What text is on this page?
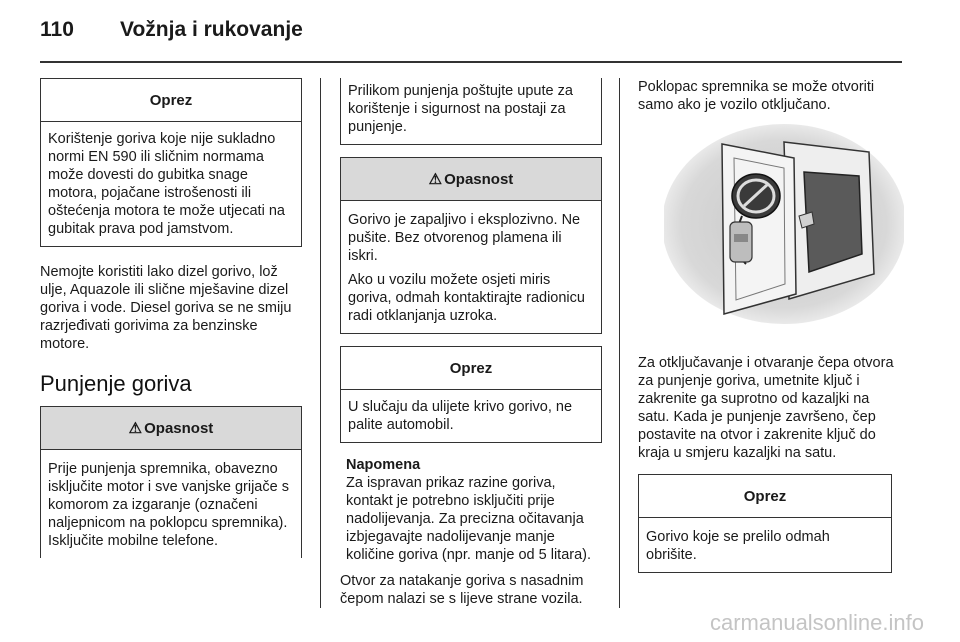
110 Vožnja i rukovanje
Oprez

Korištenje goriva koje nije sukladno normi EN 590 ili sličnim normama može dovesti do gubitka snage motora, pojačane istrošenosti ili oštećenja motora te može utjecati na gubitak prava pod jamstvom.

Nemojte koristiti lako dizel gorivo, lož ulje, Aquazole ili slične mješavine dizel goriva i vode. Diesel goriva se ne smiju razrjeđivati gorivima za benzinske motore.

Punjenje goriva
⚠ Opasnost

Prije punjenja spremnika, obavezno isključite motor i sve vanjske grijače s komorom za izgaranje (označeni naljepnicom na poklopcu spremnika). Isključite mobilne telefone.

Prilikom punjenja poštujte upute za korištenje i sigurnost na postaji za punjenje.

⚠ Opasnost

Gorivo je zapaljivo i eksplozivno. Ne pušite. Bez otvorenog plamena ili iskri.

Ako u vozilu možete osjeti miris goriva, odmah kontaktirajte radionicu radi otklanjanja uzroka.

Oprez

U slučaju da ulijete krivo gorivo, ne palite automobil.

Napomena

Za ispravan prikaz razine goriva, kontakt je potrebno isključiti prije nadolijevanja. Za precizna očitavanja izbjegavajte nadolijevanje manje količine goriva (npr. manje od 5 litara).

Otvor za natakanje goriva s nasadnim čepom nalazi se s lijeve strane vozila.

Poklopac spremnika se može otvoriti samo ako je vozilo otključano.

Za otključavanje i otvaranje čepa otvora za punjenje goriva, umetnite ključ i zakrenite ga suprotno od kazaljki na satu. Kada je punjenje završeno, čep postavite na otvor i zakrenite ključ do kraja u smjeru kazaljki na satu.

Oprez

Gorivo koje se prelilo odmah obrišite.

carmanualsonline.info
